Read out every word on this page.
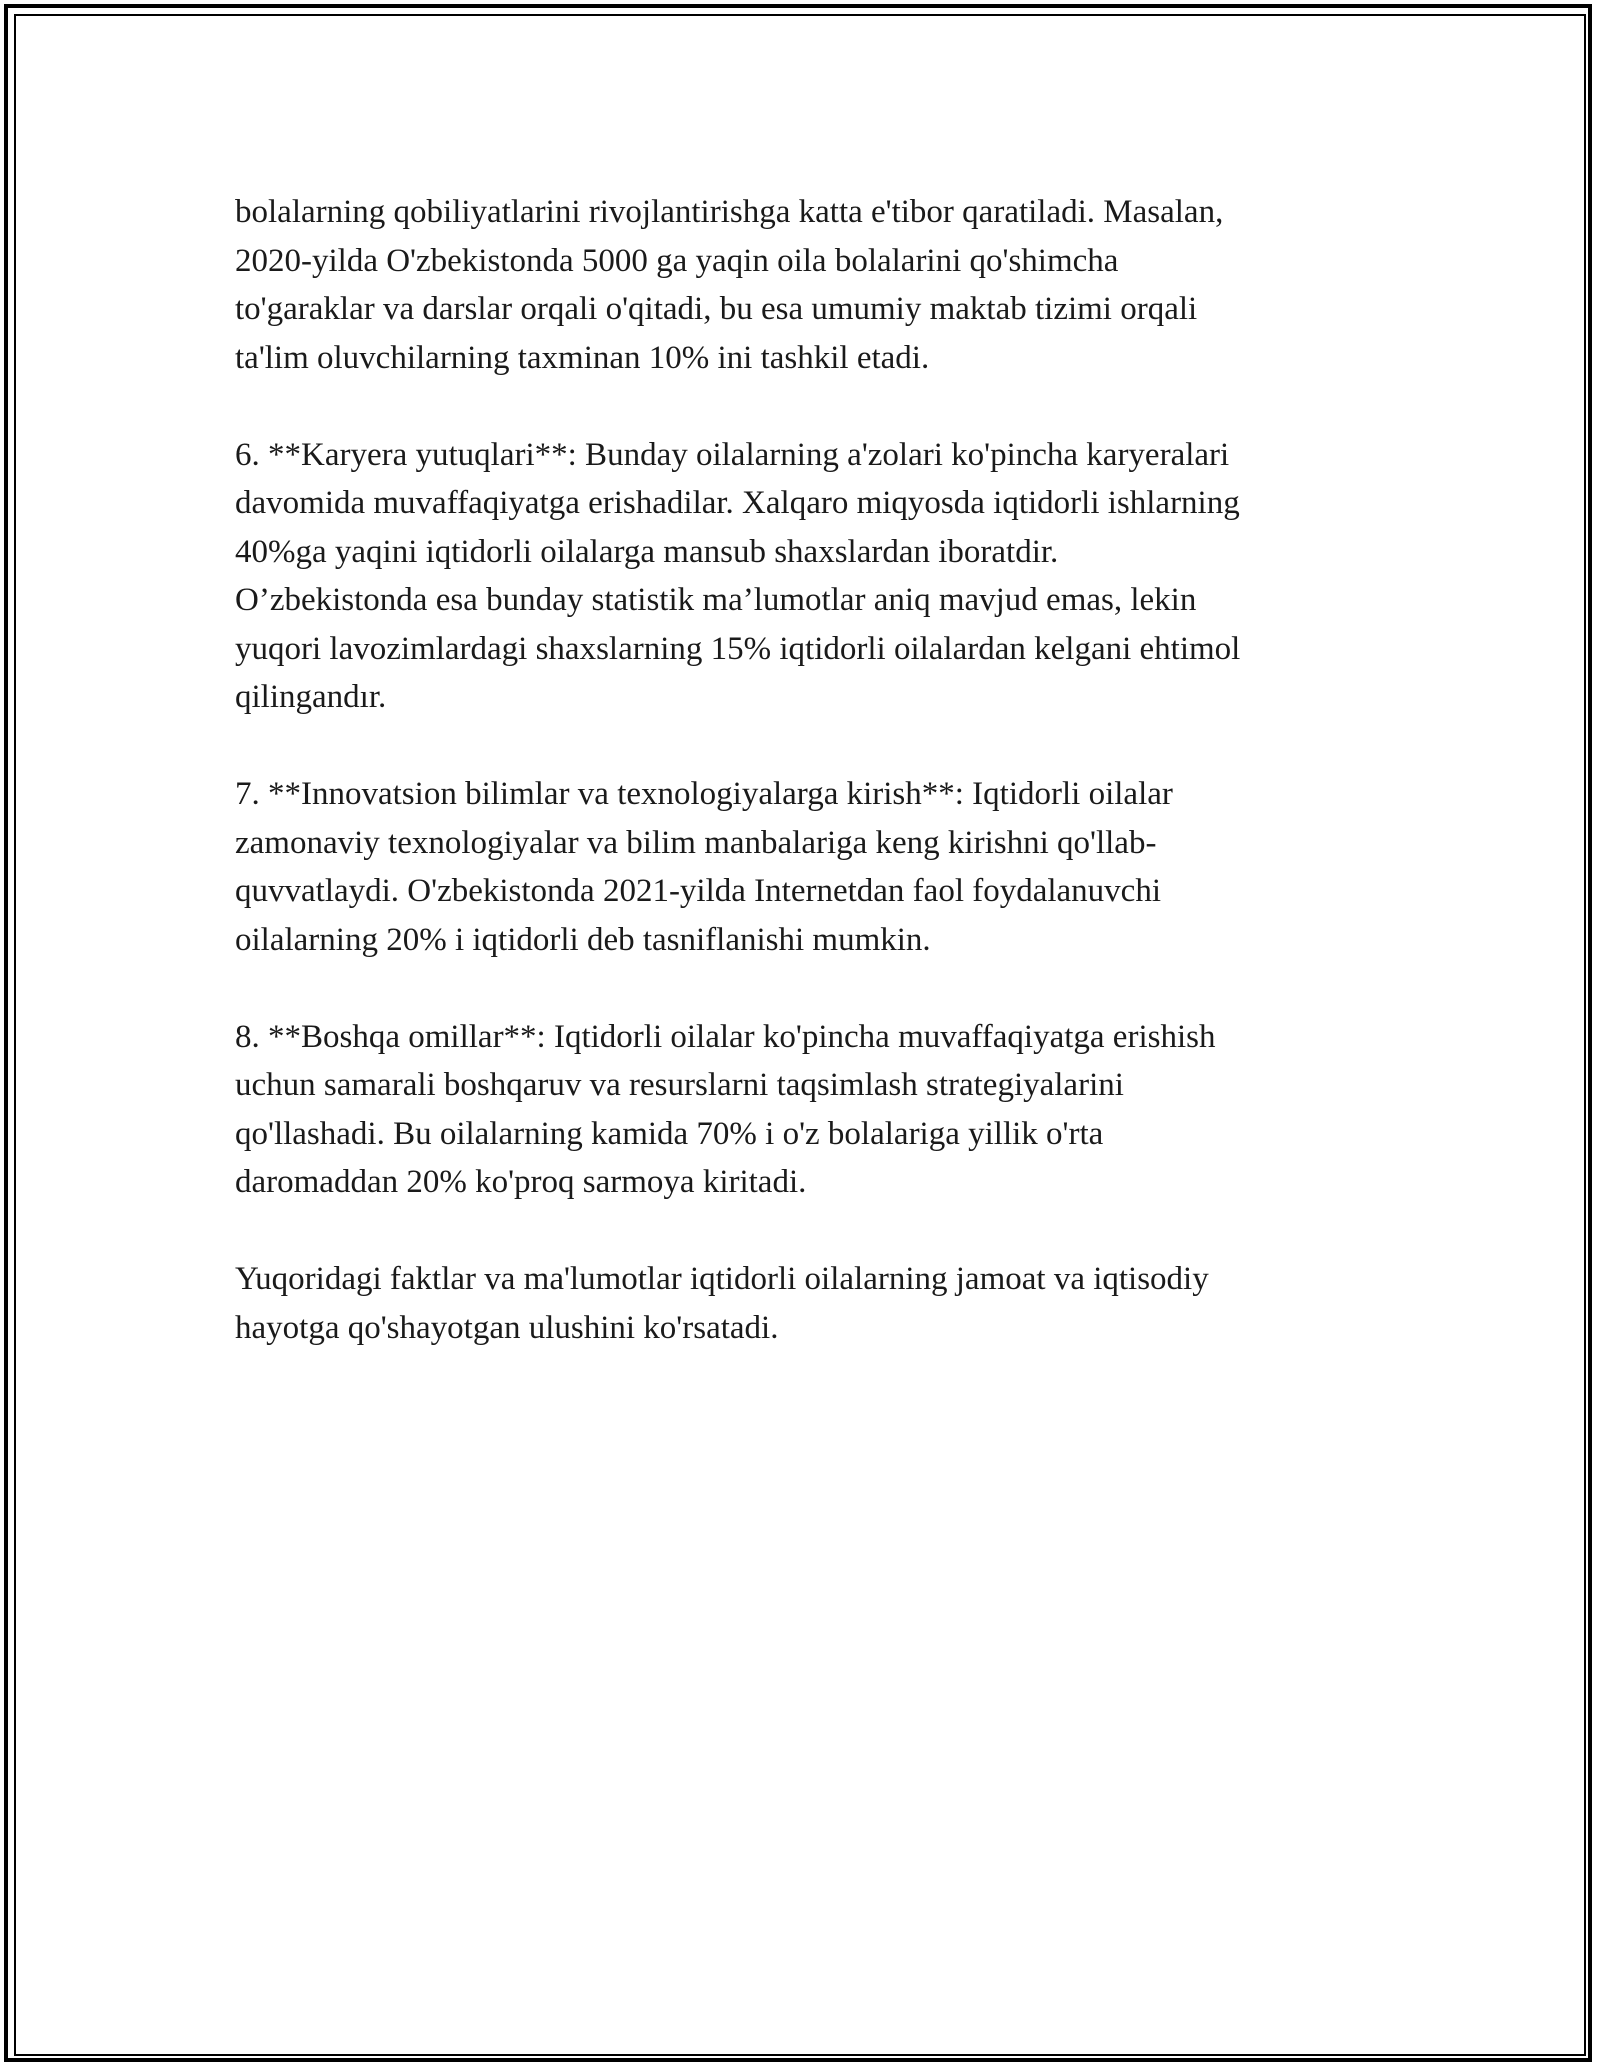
bolalarning qobiliyatlarini rivojlantirishga katta e'tibor qaratiladi. Masalan,
2020-yilda O'zbekistonda 5000 ga yaqin oila bolalarini qo'shimcha
to'garaklar va darslar orqali o'qitadi, bu esa umumiy maktab tizimi orqali
ta'lim oluvchilarning taxminan 10% ini tashkil etadi.

6. **Karyera yutuqlari**: Bunday oilalarning a'zolari ko'pincha karyeralari
davomida muvaffaqiyatga erishadilar. Xalqaro miqyosda iqtidorli ishlarning
40%ga yaqini iqtidorli oilalarga mansub shaxslardan iboratdir.
O’zbekistonda esa bunday statistik ma’lumotlar aniq mavjud emas, lekin
yuqori lavozimlardagi shaxslarning 15% iqtidorli oilalardan kelgani ehtimol
qilingandır.

7. **Innovatsion bilimlar va texnologiyalarga kirish**: Iqtidorli oilalar
zamonaviy texnologiyalar va bilim manbalariga keng kirishni qo'llab-
quvvatlaydi. O'zbekistonda 2021-yilda Internetdan faol foydalanuvchi
oilalarning 20% i iqtidorli deb tasniflanishi mumkin.

8. **Boshqa omillar**: Iqtidorli oilalar ko'pincha muvaffaqiyatga erishish
uchun samarali boshqaruv va resurslarni taqsimlash strategiyalarini
qo'llashadi. Bu oilalarning kamida 70% i o'z bolalariga yillik o'rta
daromaddan 20% ko'proq sarmoya kiritadi.

Yuqoridagi faktlar va ma'lumotlar iqtidorli oilalarning jamoat va iqtisodiy
hayotga qo'shayotgan ulushini ko'rsatadi.
